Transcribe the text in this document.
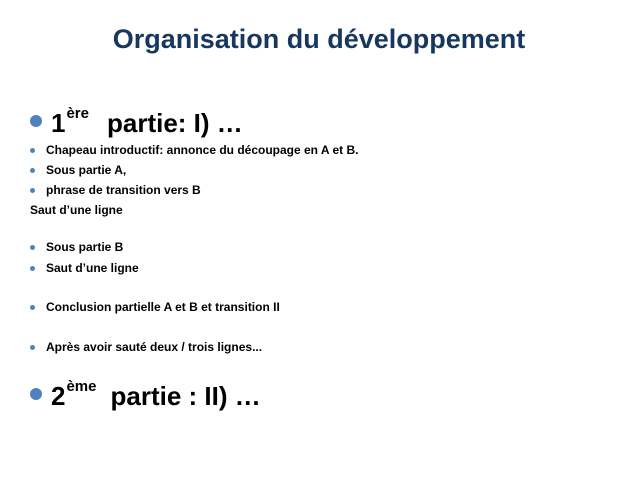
Organisation du développement
1ère partie: I) …
Chapeau introductif: annonce du découpage en A et B.
Sous partie A,
phrase de transition vers B
Saut d’une ligne
Sous partie B
Saut d’une ligne
Conclusion partielle A et B et transition II
Après avoir sauté deux / trois lignes...
2ème partie : II) …
